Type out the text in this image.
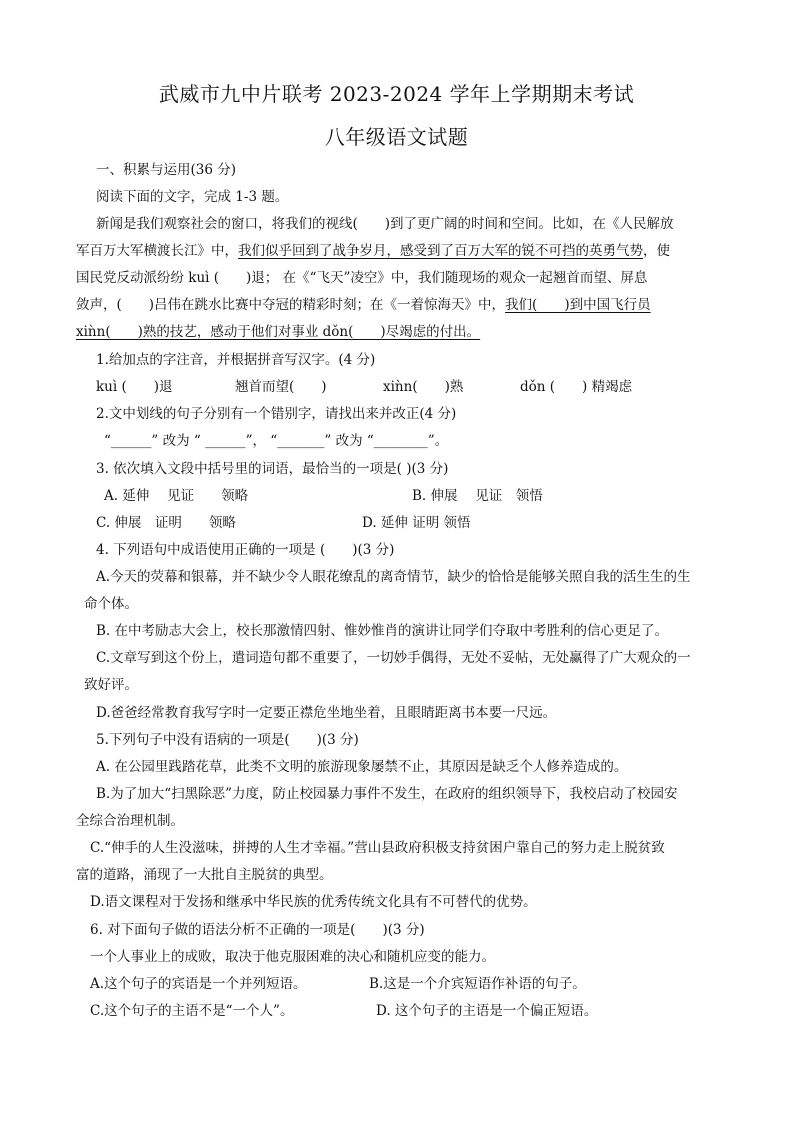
武威市九中片联考 2023-2024 学年上学期期末考试
八年级语文试题
一、积累与运用(36 分)
阅读下面的文字，完成 1-3 题。
新闻是我们观察社会的窗口，将我们的视线(　　)到了更广阔的时间和空间。比如，在《人民解放
军百万大军横渡长江》中，我们似乎回到了战争岁月，感受到了百万大军的锐不可挡的英勇气势，使
国民党反动派纷纷 kuì (　　)退； 在《“飞天”凌空》中，我们随现场的观众一起翘首而望、屏息
敛声，(　　)吕伟在跳水比赛中夺冠的精彩时刻；在《一着惊海天》中，我们(　　)到中国飞行员
xiǹn(　　)熟的技艺，感动于他们对事业 dǒn(　　)尽竭虑的付出。
1.给加点的字注音，并根据拼音写汉字。(4 分)
kuì (　　)退	翘首而望(　　)	xiǹn(　　)熟	dǒn (　　) 精竭虑
2.文中划线的句子分别有一个错别字，请找出来并改正(4 分)
“______” 改为 “ ______”， “_______” 改为 “________”。
3. 依次填入文段中括号里的词语，最恰当的一项是( )(3 分)
A. 延伸　 见证　　领略	B. 伸展　 见证　领悟
C. 伸展　证明　　领略	D. 延伸 证明 领悟
4. 下列语句中成语使用正确的一项是 (　　)(3 分)
A.今天的荧幕和银幕，并不缺少令人眼花缭乱的离奇情节，缺少的恰恰是能够关照自我的活生生的生
命个体。
B. 在中考励志大会上，校长那激情四射、惟妙惟肖的演讲让同学们夺取中考胜利的信心更足了。
C.文章写到这个份上，遣词造句都不重要了，一切妙手偶得，无处不妥帖，无处赢得了广大观众的一
致好评。
D.爸爸经常教育我写字时一定要正襟危坐地坐着，且眼睛距离书本要一尺远。
5.下列句子中没有语病的一项是(　　)(3 分)
A. 在公园里践踏花草，此类不文明的旅游现象屡禁不止，其原因是缺乏个人修养造成的。
B.为了加大“扫黑除恶”力度，防止校园暴力事件不发生，在政府的组织领导下，我校启动了校园安
全综合治理机制。
C.“伸手的人生没滋味，拼搏的人生才幸福。”营山县政府积极支持贫困户靠自己的努力走上脱贫致
富的道路，涌现了一大批自主脱贫的典型。
D.语文课程对于发扬和继承中华民族的优秀传统文化具有不可替代的优势。
6. 对下面句子做的语法分析不正确的一项是(　　)(3 分)
一个人事业上的成败，取决于他克服困难的决心和随机应变的能力。
A.这个句子的宾语是一个并列短语。	B.这是一个介宾短语作补语的句子。
C.这个句子的主语不是“一个人”。	D. 这个句子的主语是一个偏正短语。
